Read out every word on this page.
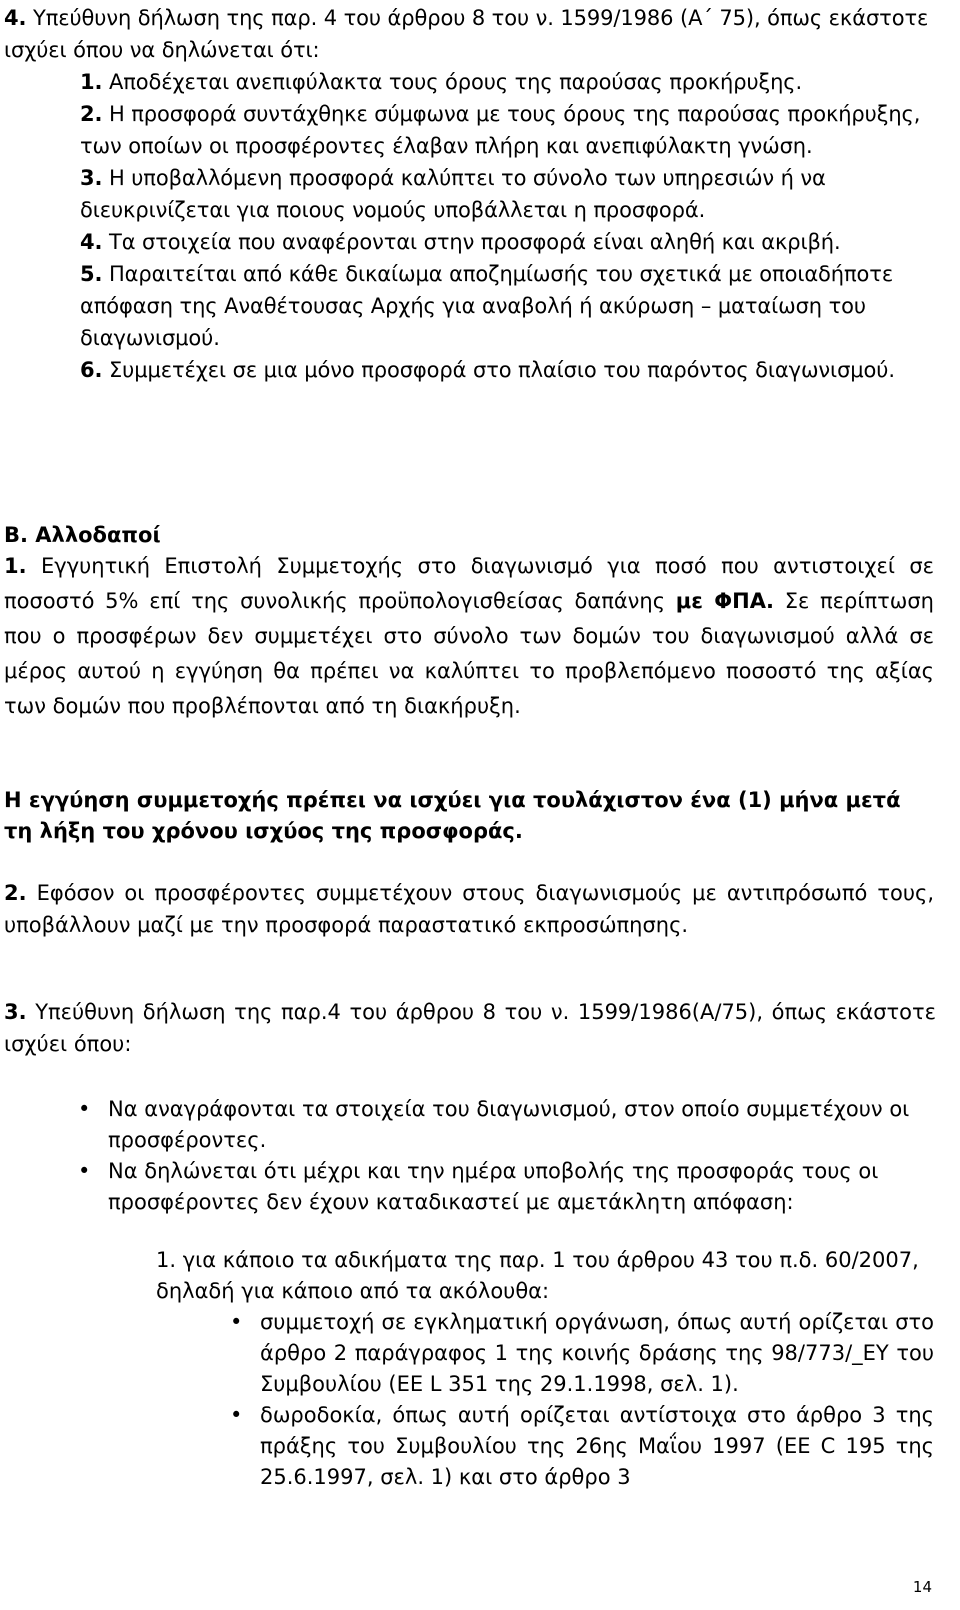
4. Υπεύθυνη δήλωση της παρ. 4 του άρθρου 8 του ν. 1599/1986 (Α΄ 75), όπως εκάστοτε ισχύει όπου να δηλώνεται ότι:
1. Αποδέχεται ανεπιφύλακτα τους όρους της παρούσας προκήρυξης.
2. Η προσφορά συντάχθηκε σύμφωνα με τους όρους της παρούσας προκήρυξης, των οποίων οι προσφέροντες έλαβαν πλήρη και ανεπιφύλακτη γνώση.
3. Η υποβαλλόμενη προσφορά καλύπτει το σύνολο των υπηρεσιών ή να διευκρινίζεται για ποιους νομούς υποβάλλεται η προσφορά.
4. Τα στοιχεία που αναφέρονται στην προσφορά είναι αληθή και ακριβή.
5. Παραιτείται από κάθε δικαίωμα αποζημίωσής του σχετικά με οποιαδήποτε απόφαση της Αναθέτουσας Αρχής για αναβολή ή ακύρωση – ματαίωση του διαγωνισμού.
6. Συμμετέχει σε μια μόνο προσφορά στο πλαίσιο του παρόντος διαγωνισμού.
Β. Αλλοδαποί
1. Εγγυητική Επιστολή Συμμετοχής στο διαγωνισμό για ποσό που αντιστοιχεί σε ποσοστό 5% επί της συνολικής προϋπολογισθείσας δαπάνης με ΦΠΑ. Σε περίπτωση που ο προσφέρων δεν συμμετέχει στο σύνολο των δομών του διαγωνισμού αλλά σε μέρος αυτού η εγγύηση θα πρέπει να καλύπτει το προβλεπόμενο ποσοστό της αξίας των δομών που προβλέπονται από τη διακήρυξη.
Η εγγύηση συμμετοχής πρέπει να ισχύει για τουλάχιστον ένα (1) μήνα μετά τη λήξη του χρόνου ισχύος της προσφοράς.
2. Εφόσον οι προσφέροντες συμμετέχουν στους διαγωνισμούς με αντιπρόσωπό τους, υποβάλλουν μαζί με την προσφορά παραστατικό εκπροσώπησης.
3. Υπεύθυνη δήλωση της παρ.4 του άρθρου 8 του ν. 1599/1986(Α/75), όπως εκάστοτε ισχύει όπου:
• Να αναγράφονται τα στοιχεία του διαγωνισμού, στον οποίο συμμετέχουν οι προσφέροντες.
• Να δηλώνεται ότι μέχρι και την ημέρα υποβολής της προσφοράς τους οι προσφέροντες δεν έχουν καταδικαστεί με αμετάκλητη απόφαση:
1. για κάποιο τα αδικήματα της παρ. 1 του άρθρου 43 του π.δ. 60/2007, δηλαδή για κάποιο από τα ακόλουθα:
• συμμετοχή σε εγκληματική οργάνωση, όπως αυτή ορίζεται στο άρθρο 2 παράγραφος 1 της κοινής δράσης της 98/773/_ΕΥ του Συμβουλίου (ΕΕ L 351 της 29.1.1998, σελ. 1).
• δωροδοκία, όπως αυτή ορίζεται αντίστοιχα στο άρθρο 3 της πράξης του Συμβουλίου της 26ης Μαΐου 1997 (ΕΕ C 195 της 25.6.1997, σελ. 1) και στο άρθρο 3
14
